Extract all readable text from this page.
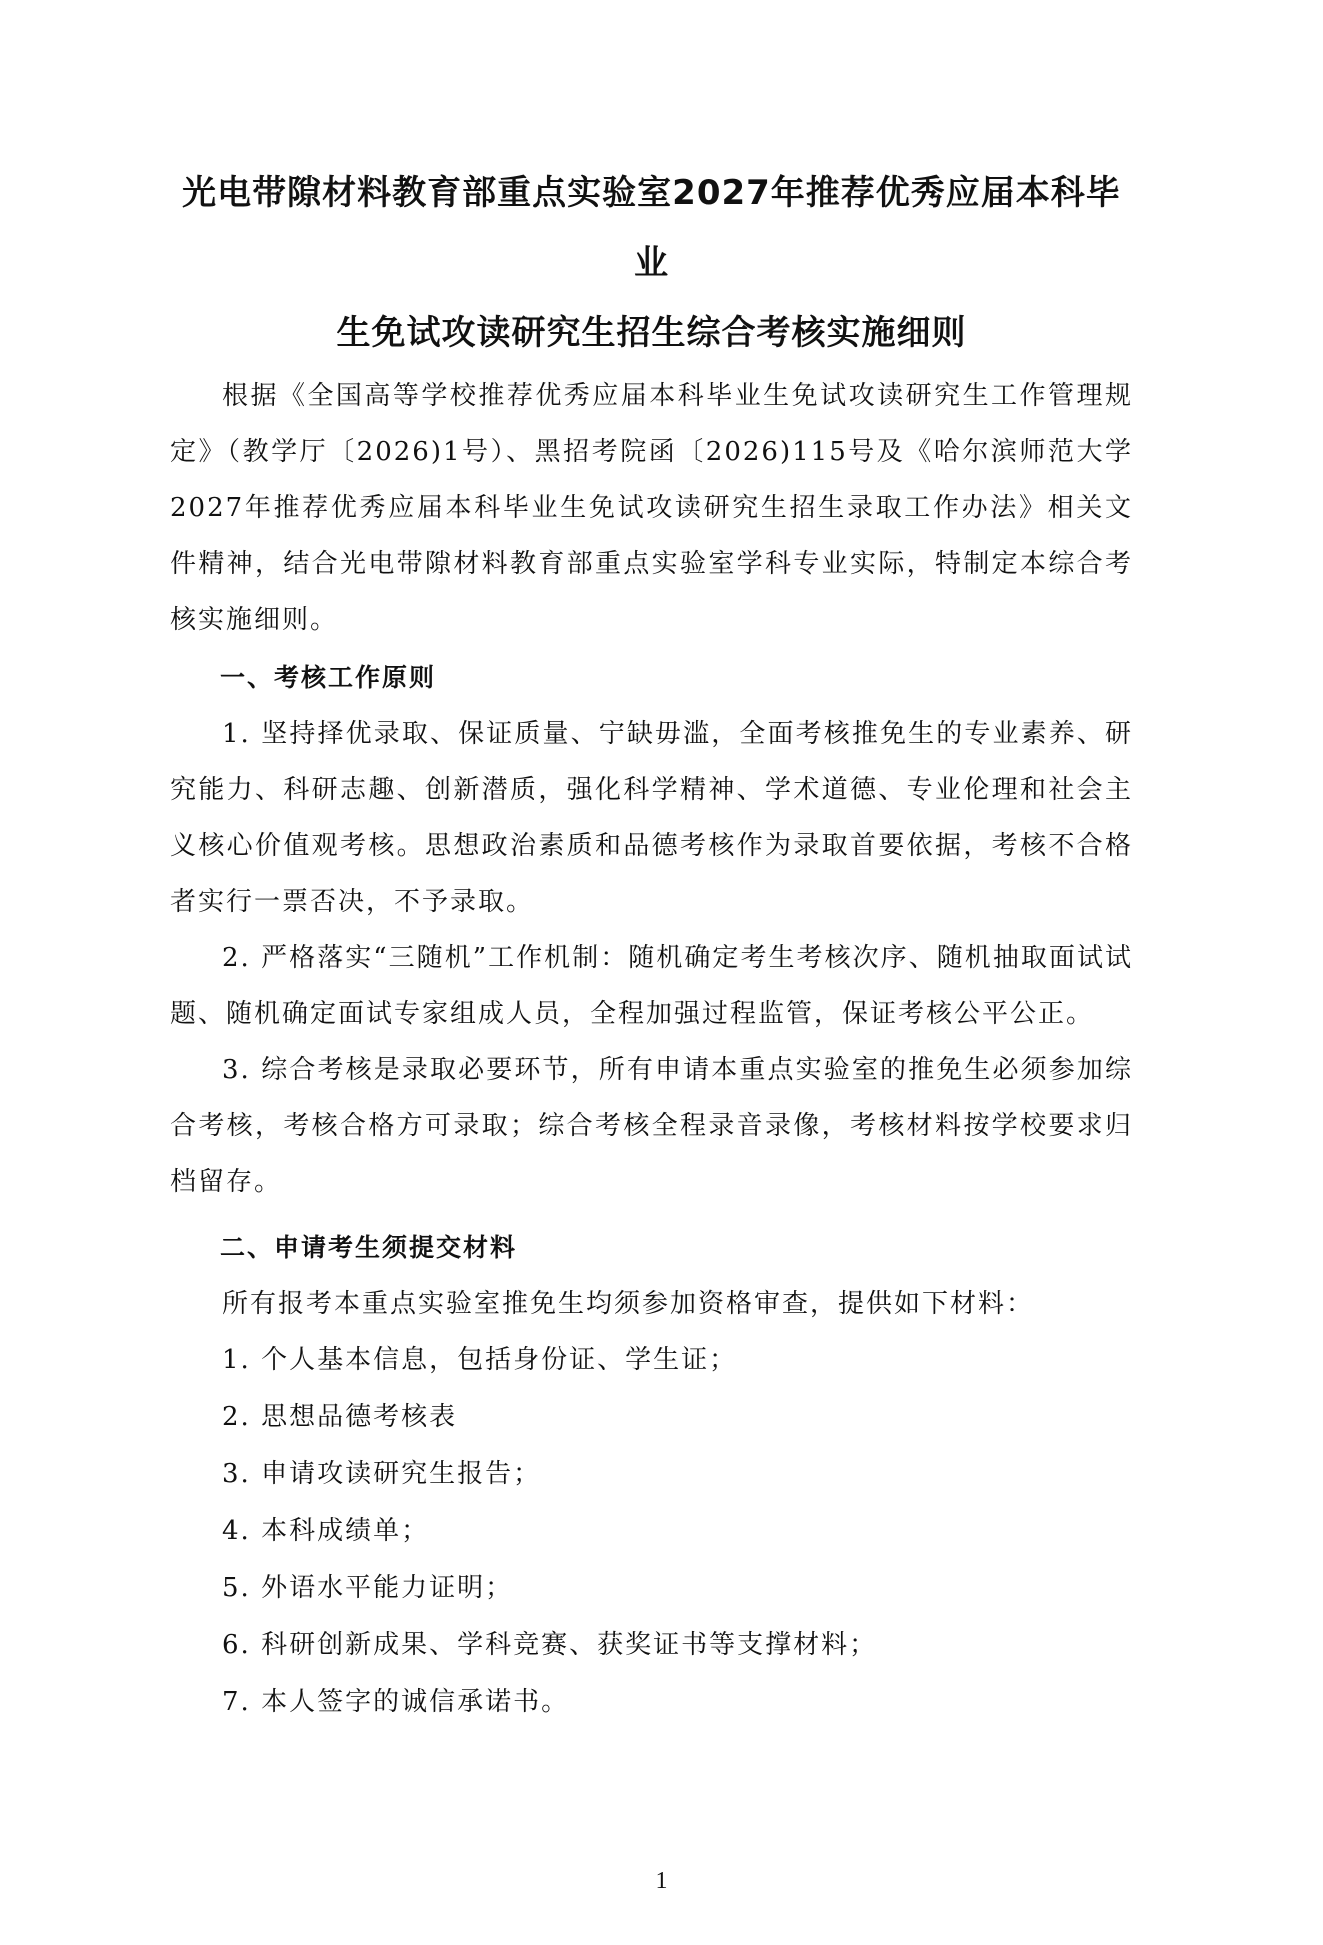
光电带隙材料教育部重点实验室2027年推荐优秀应届本科毕业
生免试攻读研究生招生综合考核实施细则

根据《全国高等学校推荐优秀应届本科毕业生免试攻读研究生工作管理规定》（教学厅〔2026)1号）、黑招考院函〔2026)115号及《哈尔滨师范大学2027年推荐优秀应届本科毕业生免试攻读研究生招生录取工作办法》相关文件精神，结合光电带隙材料教育部重点实验室学科专业实际，特制定本综合考核实施细则。

一、考核工作原则

1. 坚持择优录取、保证质量、宁缺毋滥，全面考核推免生的专业素养、研究能力、科研志趣、创新潜质，强化科学精神、学术道德、专业伦理和社会主义核心价值观考核。思想政治素质和品德考核作为录取首要依据，考核不合格者实行一票否决，不予录取。

2. 严格落实“三随机”工作机制：随机确定考生考核次序、随机抽取面试试题、随机确定面试专家组成人员，全程加强过程监管，保证考核公平公正。

3. 综合考核是录取必要环节，所有申请本重点实验室的推免生必须参加综合考核，考核合格方可录取；综合考核全程录音录像，考核材料按学校要求归档留存。

二、申请考生须提交材料

所有报考本重点实验室推免生均须参加资格审查，提供如下材料：

1. 个人基本信息，包括身份证、学生证；

2. 思想品德考核表

3. 申请攻读研究生报告；

4. 本科成绩单；

5. 外语水平能力证明；

6. 科研创新成果、学科竞赛、获奖证书等支撑材料；

7. 本人签字的诚信承诺书。

1
